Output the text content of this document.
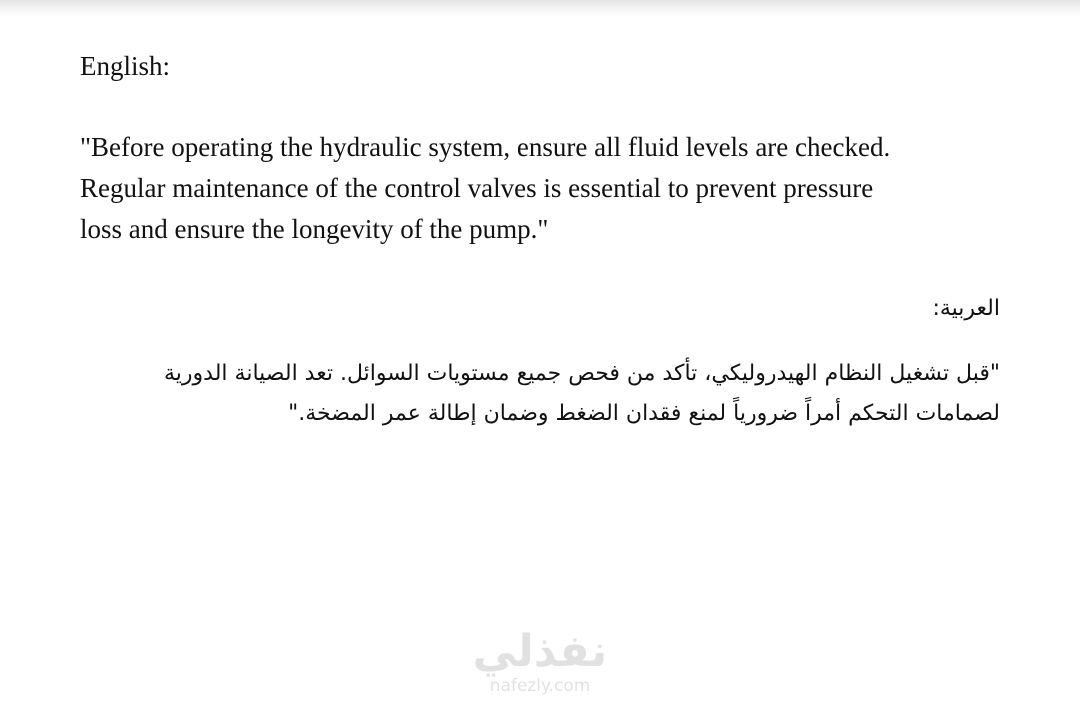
English:

"Before operating the hydraulic system, ensure all fluid levels are checked. Regular maintenance of the control valves is essential to prevent pressure loss and ensure the longevity of the pump."

العربية:

"قبل تشغيل النظام الهيدروليكي، تأكد من فحص جميع مستويات السوائل. تعد الصيانة الدورية لصمامات التحكم أمراً ضرورياً لمنع فقدان الضغط وضمان إطالة عمر المضخة."

نفذلي
nafezly.com
